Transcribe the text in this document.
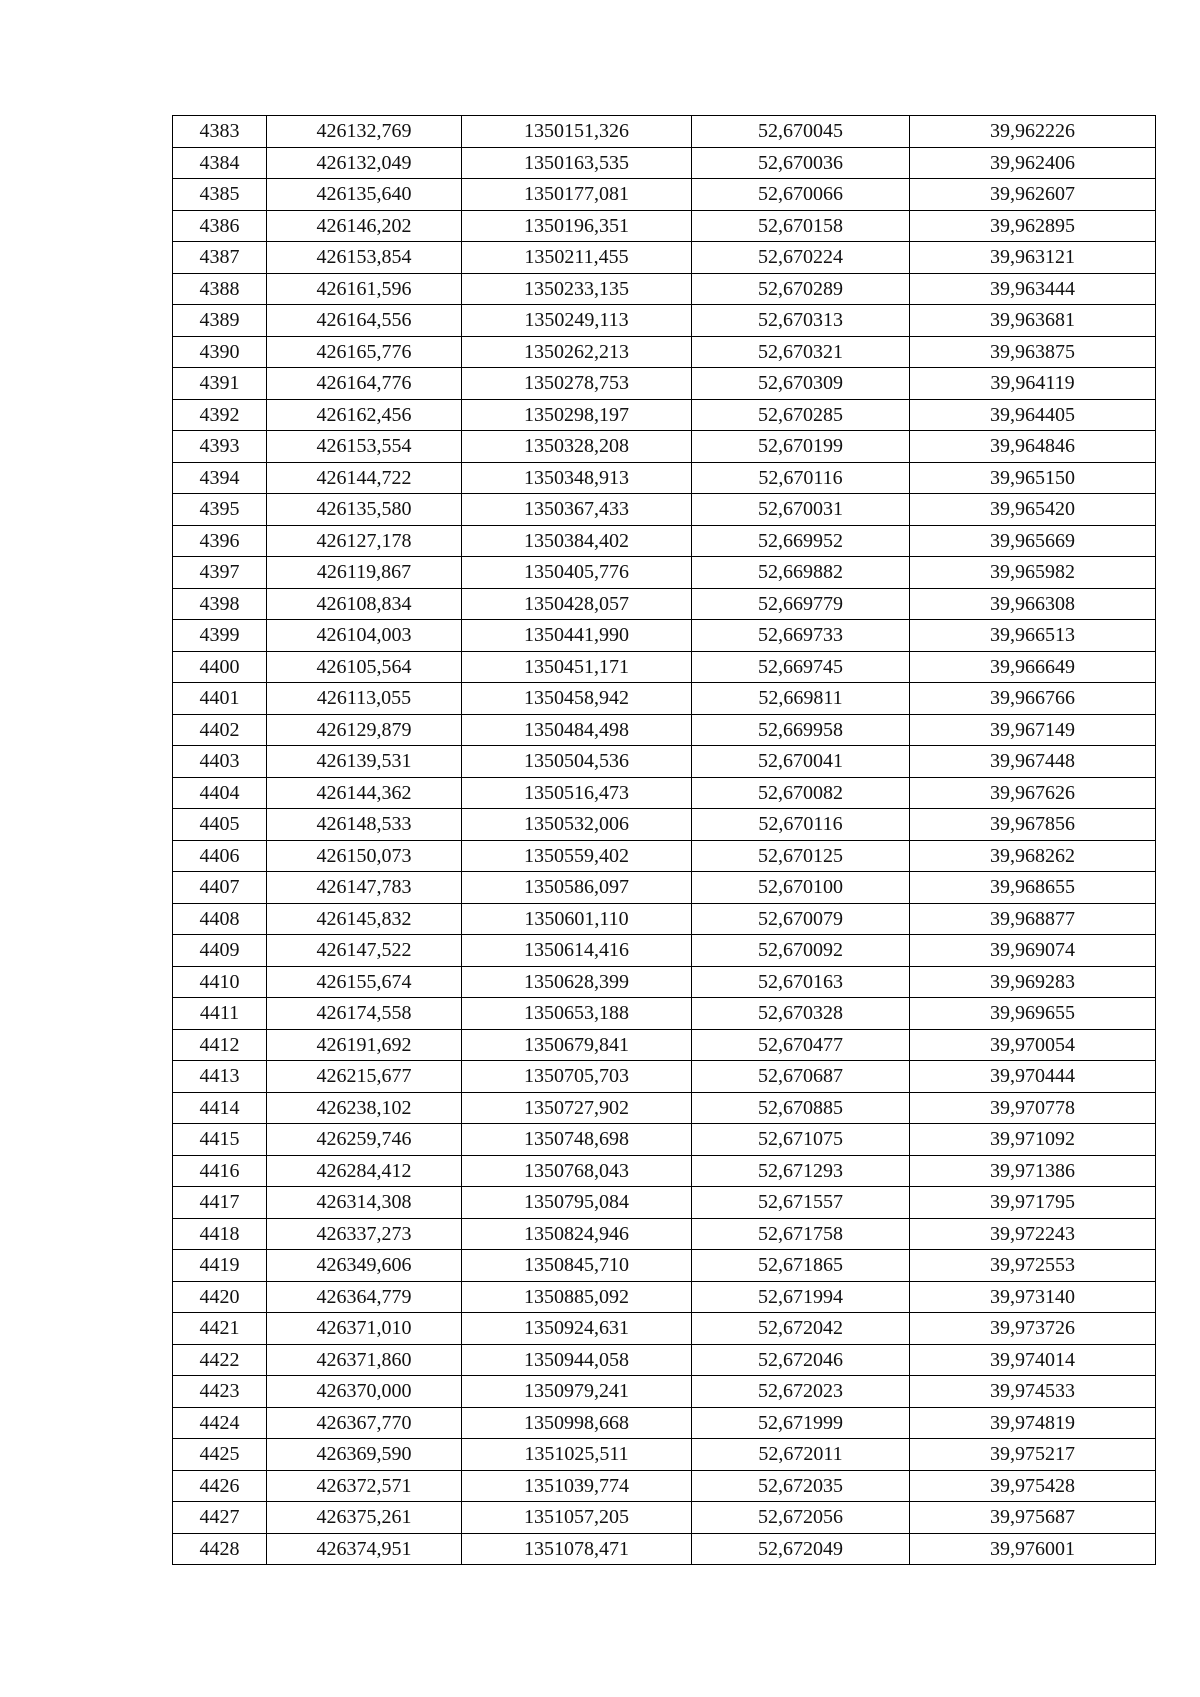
4383	426132,769	1350151,326	52,670045	39,962226
4384	426132,049	1350163,535	52,670036	39,962406
4385	426135,640	1350177,081	52,670066	39,962607
4386	426146,202	1350196,351	52,670158	39,962895
4387	426153,854	1350211,455	52,670224	39,963121
4388	426161,596	1350233,135	52,670289	39,963444
4389	426164,556	1350249,113	52,670313	39,963681
4390	426165,776	1350262,213	52,670321	39,963875
4391	426164,776	1350278,753	52,670309	39,964119
4392	426162,456	1350298,197	52,670285	39,964405
4393	426153,554	1350328,208	52,670199	39,964846
4394	426144,722	1350348,913	52,670116	39,965150
4395	426135,580	1350367,433	52,670031	39,965420
4396	426127,178	1350384,402	52,669952	39,965669
4397	426119,867	1350405,776	52,669882	39,965982
4398	426108,834	1350428,057	52,669779	39,966308
4399	426104,003	1350441,990	52,669733	39,966513
4400	426105,564	1350451,171	52,669745	39,966649
4401	426113,055	1350458,942	52,669811	39,966766
4402	426129,879	1350484,498	52,669958	39,967149
4403	426139,531	1350504,536	52,670041	39,967448
4404	426144,362	1350516,473	52,670082	39,967626
4405	426148,533	1350532,006	52,670116	39,967856
4406	426150,073	1350559,402	52,670125	39,968262
4407	426147,783	1350586,097	52,670100	39,968655
4408	426145,832	1350601,110	52,670079	39,968877
4409	426147,522	1350614,416	52,670092	39,969074
4410	426155,674	1350628,399	52,670163	39,969283
4411	426174,558	1350653,188	52,670328	39,969655
4412	426191,692	1350679,841	52,670477	39,970054
4413	426215,677	1350705,703	52,670687	39,970444
4414	426238,102	1350727,902	52,670885	39,970778
4415	426259,746	1350748,698	52,671075	39,971092
4416	426284,412	1350768,043	52,671293	39,971386
4417	426314,308	1350795,084	52,671557	39,971795
4418	426337,273	1350824,946	52,671758	39,972243
4419	426349,606	1350845,710	52,671865	39,972553
4420	426364,779	1350885,092	52,671994	39,973140
4421	426371,010	1350924,631	52,672042	39,973726
4422	426371,860	1350944,058	52,672046	39,974014
4423	426370,000	1350979,241	52,672023	39,974533
4424	426367,770	1350998,668	52,671999	39,974819
4425	426369,590	1351025,511	52,672011	39,975217
4426	426372,571	1351039,774	52,672035	39,975428
4427	426375,261	1351057,205	52,672056	39,975687
4428	426374,951	1351078,471	52,672049	39,976001
